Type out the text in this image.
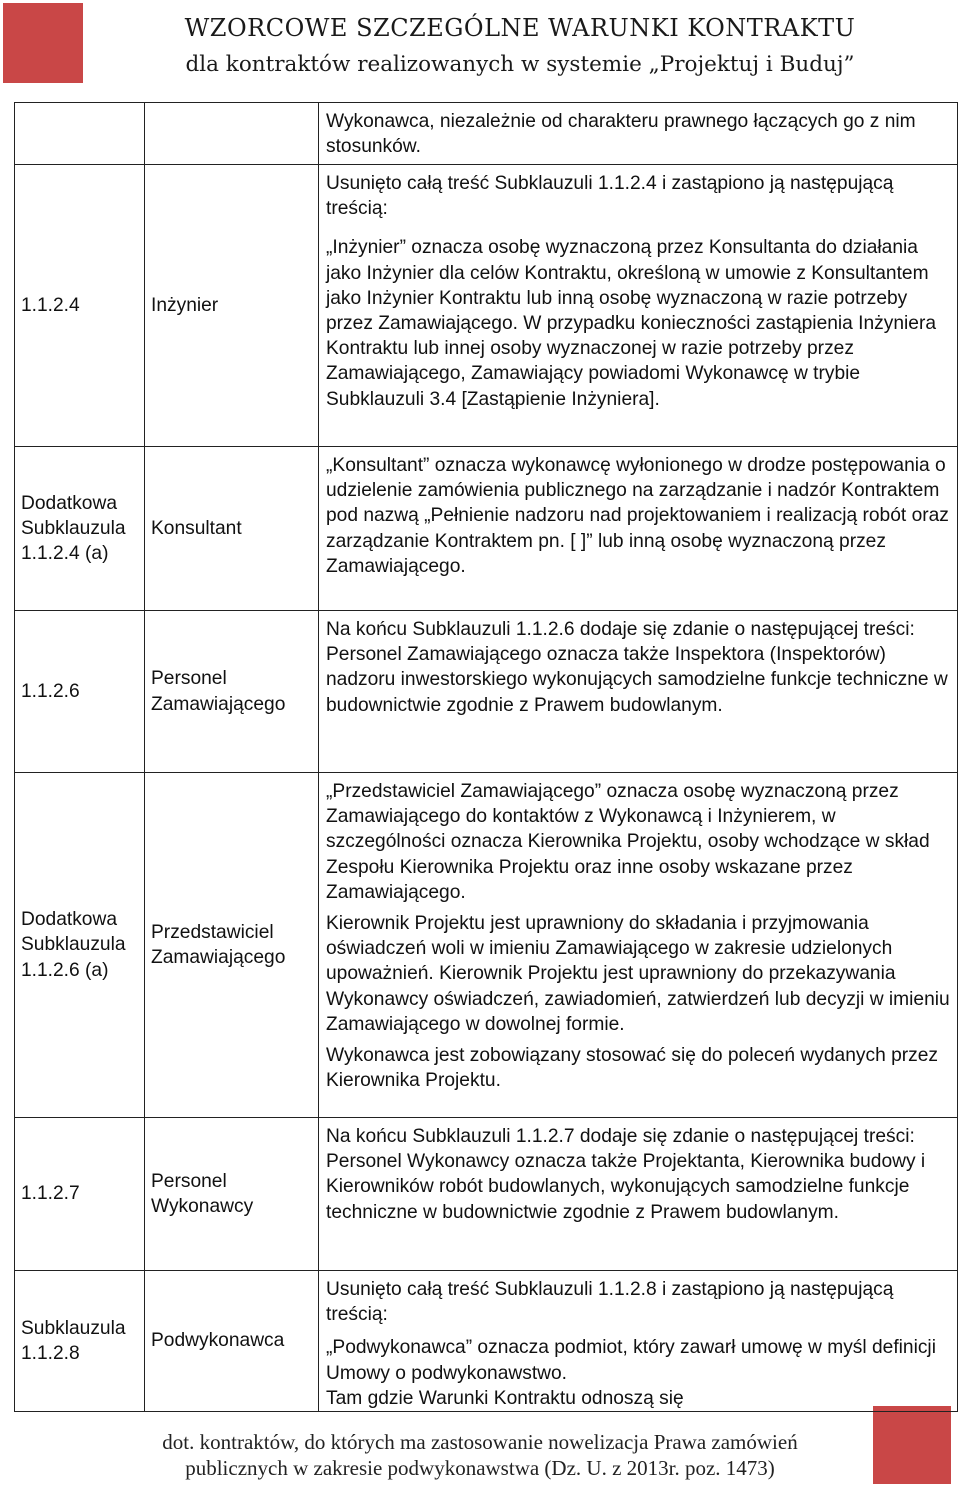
WZORCOWE SZCZEGÓLNE WARUNKI KONTRAKTU
dla kontraktów realizowanych w systemie „Projektuj i Buduj”

		Wykonawca, niezależnie od charakteru prawnego łączących go z nim stosunków.

1.1.2.4	Inżynier	Usunięto całą treść Subklauzuli 1.1.2.4 i zastąpiono ją następującą treścią:

„Inżynier” oznacza osobę wyznaczoną przez Konsultanta do działania jako Inżynier dla celów Kontraktu, określoną w umowie z Konsultantem jako Inżynier Kontraktu lub inną osobę wyznaczoną w razie potrzeby przez Zamawiającego. W przypadku konieczności zastąpienia Inżyniera Kontraktu lub innej osoby wyznaczonej w razie potrzeby przez Zamawiającego, Zamawiający powiadomi Wykonawcę w trybie Subklauzuli 3.4 [Zastąpienie Inżyniera].

Dodatkowa Subklauzula 1.1.2.4 (a)	Konsultant	„Konsultant” oznacza wykonawcę wyłonionego w drodze postępowania o udzielenie zamówienia publicznego na zarządzanie i nadzór Kontraktem pod nazwą „Pełnienie nadzoru nad projektowaniem i realizacją robót oraz zarządzanie Kontraktem pn. [ ]” lub inną osobę wyznaczoną przez Zamawiającego.

1.1.2.6	Personel Zamawiającego	Na końcu Subklauzuli 1.1.2.6 dodaje się zdanie o następującej treści:

Personel Zamawiającego oznacza także Inspektora (Inspektorów) nadzoru inwestorskiego wykonujących samodzielne funkcje techniczne w budownictwie zgodnie z Prawem budowlanym.

Dodatkowa Subklauzula 1.1.2.6 (a)	Przedstawiciel Zamawiającego	„Przedstawiciel Zamawiającego” oznacza osobę wyznaczoną przez Zamawiającego do kontaktów z Wykonawcą i Inżynierem, w szczególności oznacza Kierownika Projektu, osoby wchodzące w skład Zespołu Kierownika Projektu oraz inne osoby wskazane przez Zamawiającego.

Kierownik Projektu jest uprawniony do składania i przyjmowania oświadczeń woli w imieniu Zamawiającego w zakresie udzielonych upoważnień. Kierownik Projektu jest uprawniony do przekazywania Wykonawcy oświadczeń, zawiadomień, zatwierdzeń lub decyzji w imieniu Zamawiającego w dowolnej formie.

Wykonawca jest zobowiązany stosować się do poleceń wydanych przez Kierownika Projektu.

1.1.2.7	Personel Wykonawcy	Na końcu Subklauzuli 1.1.2.7 dodaje się zdanie o następującej treści:

Personel Wykonawcy oznacza także Projektanta, Kierownika budowy i Kierowników robót budowlanych, wykonujących samodzielne funkcje techniczne w budownictwie zgodnie z Prawem budowlanym.

Subklauzula 1.1.2.8	Podwykonawca	Usunięto całą treść Subklauzuli 1.1.2.8 i zastąpiono ją następującą treścią:

„Podwykonawca” oznacza podmiot, który zawarł umowę w myśl definicji Umowy o podwykonawstwo.

Tam gdzie Warunki Kontraktu odnoszą się

dot. kontraktów, do których ma zastosowanie nowelizacja Prawa zamówień
publicznych w zakresie podwykonawstwa (Dz. U. z 2013r. poz. 1473)
